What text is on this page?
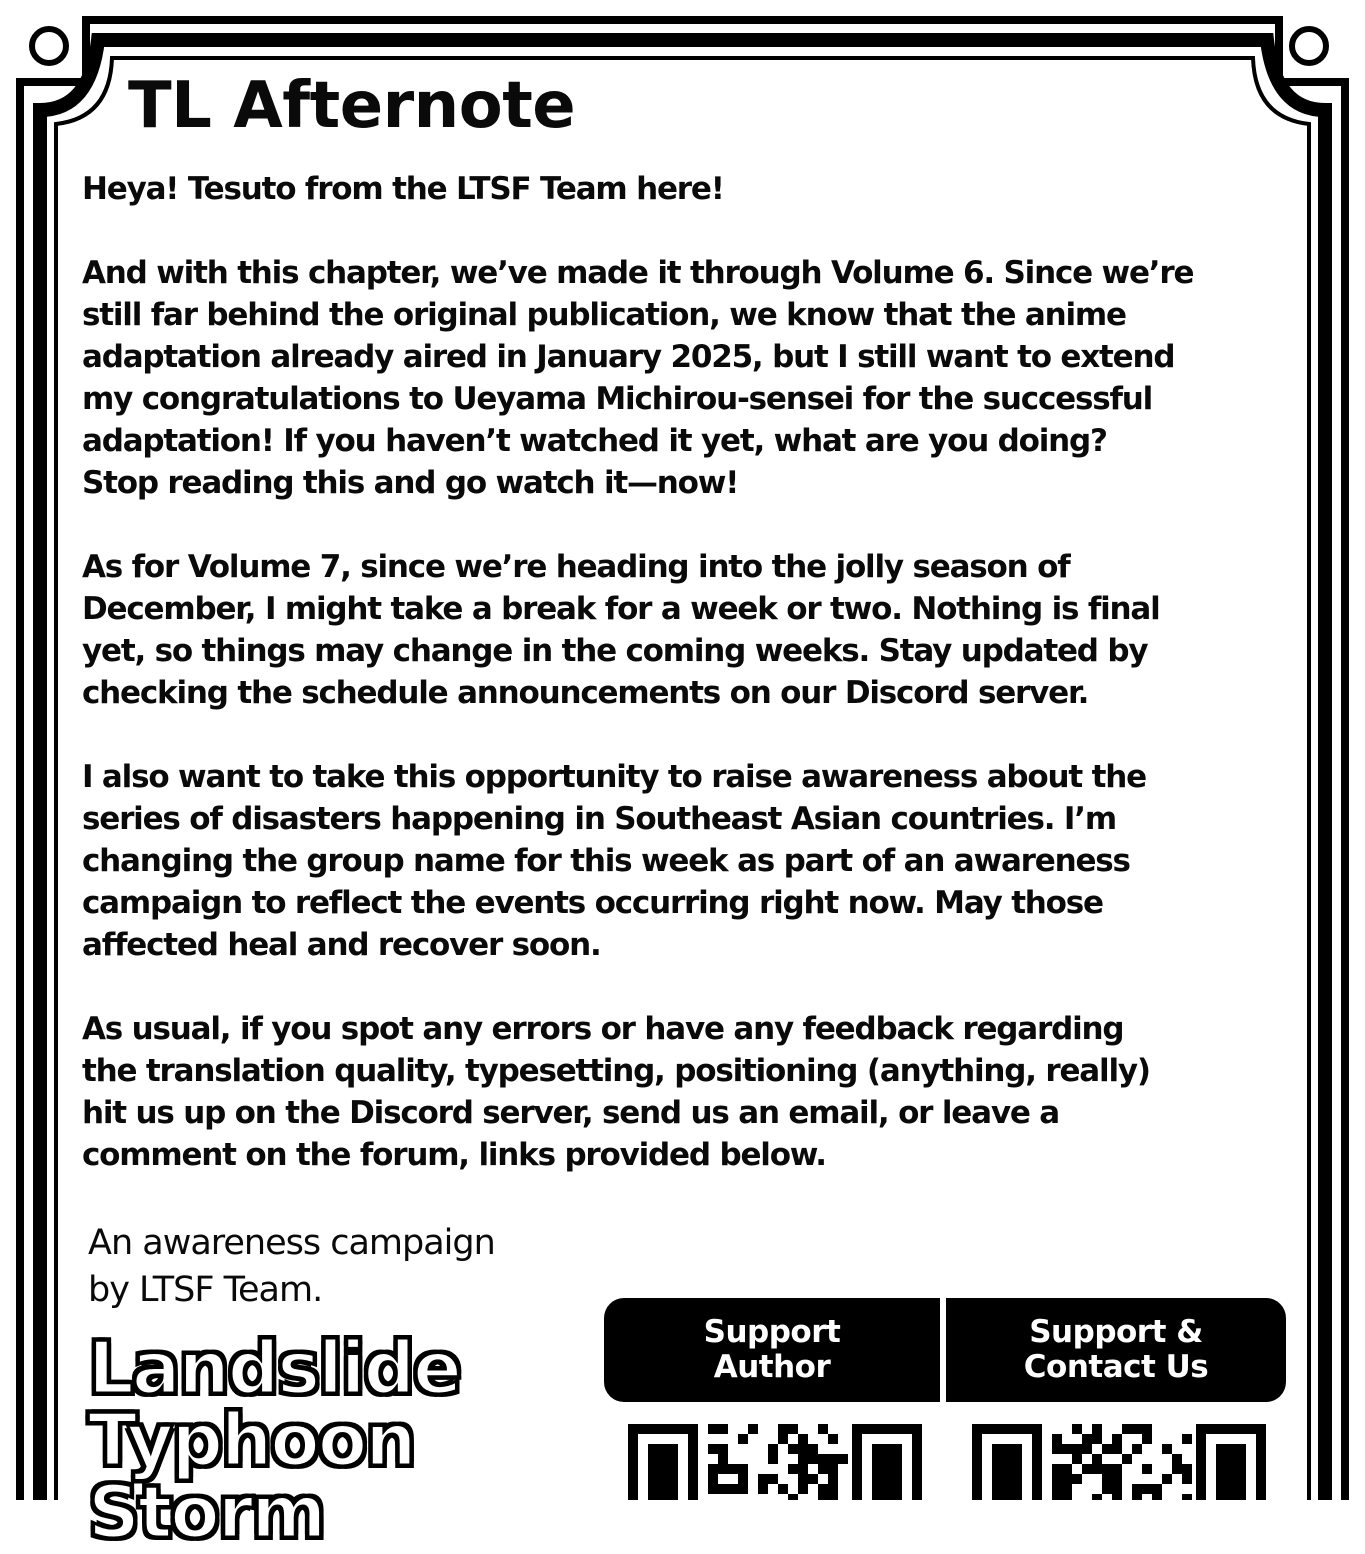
TL Afternote

Heya! Tesuto from the LTSF Team here!

And with this chapter, we’ve made it through Volume 6. Since we’re
still far behind the original publication, we know that the anime
adaptation already aired in January 2025, but I still want to extend
my congratulations to Ueyama Michirou-sensei for the successful
adaptation! If you haven’t watched it yet, what are you doing?
Stop reading this and go watch it—now!

As for Volume 7, since we’re heading into the jolly season of
December, I might take a break for a week or two. Nothing is final
yet, so things may change in the coming weeks. Stay updated by
checking the schedule announcements on our Discord server.

I also want to take this opportunity to raise awareness about the
series of disasters happening in Southeast Asian countries. I’m
changing the group name for this week as part of an awareness
campaign to reflect the events occurring right now. May those
affected heal and recover soon.

As usual, if you spot any errors or have any feedback regarding
the translation quality, typesetting, positioning (anything, really)
hit us up on the Discord server, send us an email, or leave a
comment on the forum, links provided below.

An awareness campaign
by LTSF Team.
Landslide
Typhoon
Storm
Support
Author
Support &
Contact Us
